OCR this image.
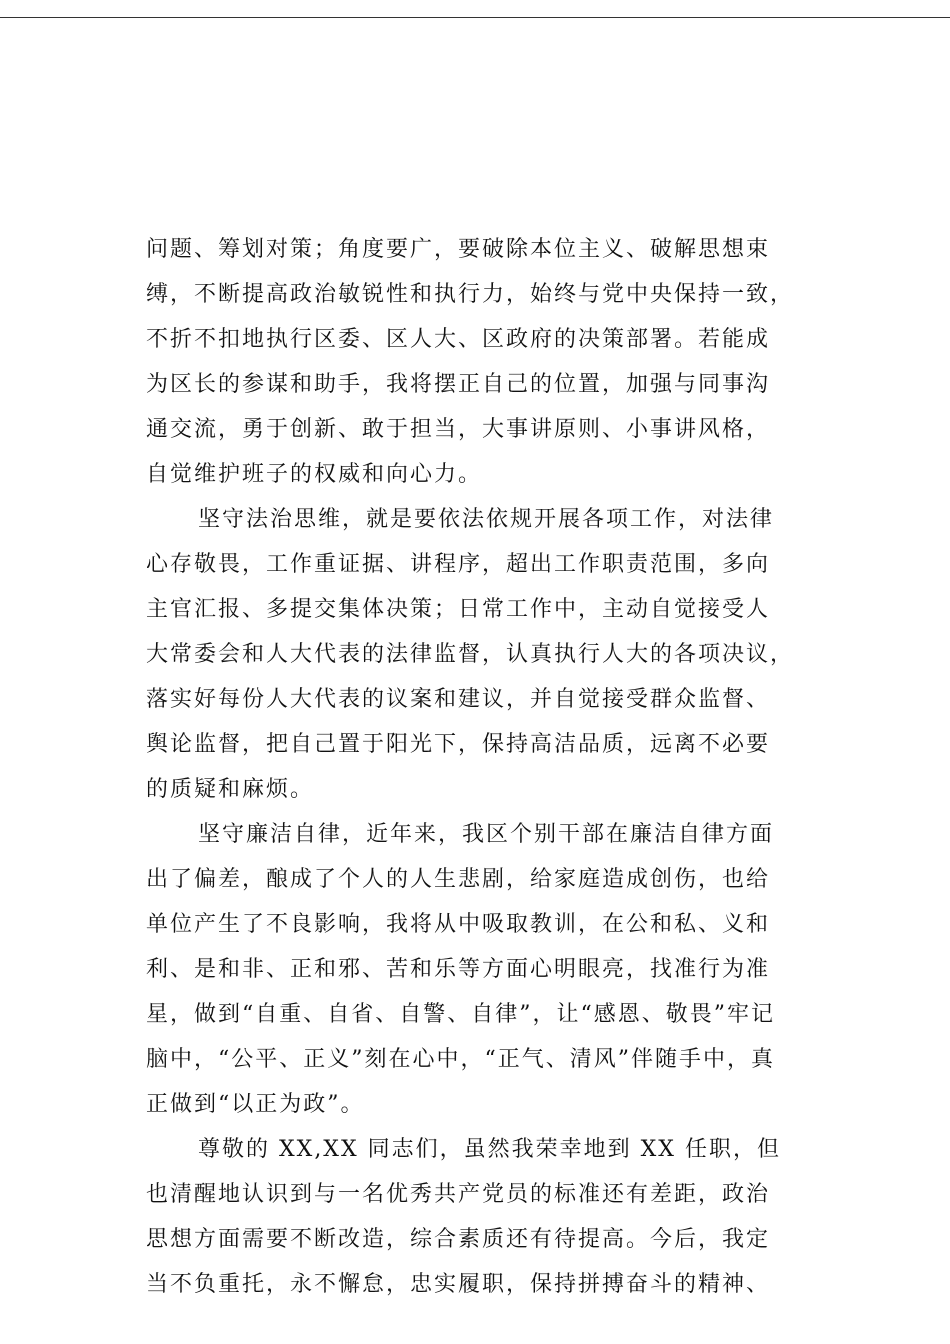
问题、筹划对策；角度要广，要破除本位主义、破解思想束
缚，不断提高政治敏锐性和执行力，始终与党中央保持一致，
不折不扣地执行区委、区人大、区政府的决策部署。若能成
为区长的参谋和助手，我将摆正自己的位置，加强与同事沟
通交流，勇于创新、敢于担当，大事讲原则、小事讲风格，
自觉维护班子的权威和向心力。
坚守法治思维，就是要依法依规开展各项工作，对法律
心存敬畏，工作重证据、讲程序，超出工作职责范围，多向
主官汇报、多提交集体决策；日常工作中，主动自觉接受人
大常委会和人大代表的法律监督，认真执行人大的各项决议，
落实好每份人大代表的议案和建议，并自觉接受群众监督、
舆论监督，把自己置于阳光下，保持高洁品质，远离不必要
的质疑和麻烦。
坚守廉洁自律，近年来，我区个别干部在廉洁自律方面
出了偏差，酿成了个人的人生悲剧，给家庭造成创伤，也给
单位产生了不良影响，我将从中吸取教训，在公和私、义和
利、是和非、正和邪、苦和乐等方面心明眼亮，找准行为准
星，做到“自重、自省、自警、自律”，让“感恩、敬畏”牢记
脑中，“公平、正义”刻在心中，“正气、清风”伴随手中，真
正做到“以正为政”。
尊敬的 XX,XX 同志们，虽然我荣幸地到 XX 任职，但
也清醒地认识到与一名优秀共产党员的标准还有差距，政治
思想方面需要不断改造，综合素质还有待提高。今后，我定
当不负重托，永不懈怠，忠实履职，保持拼搏奋斗的精神、
